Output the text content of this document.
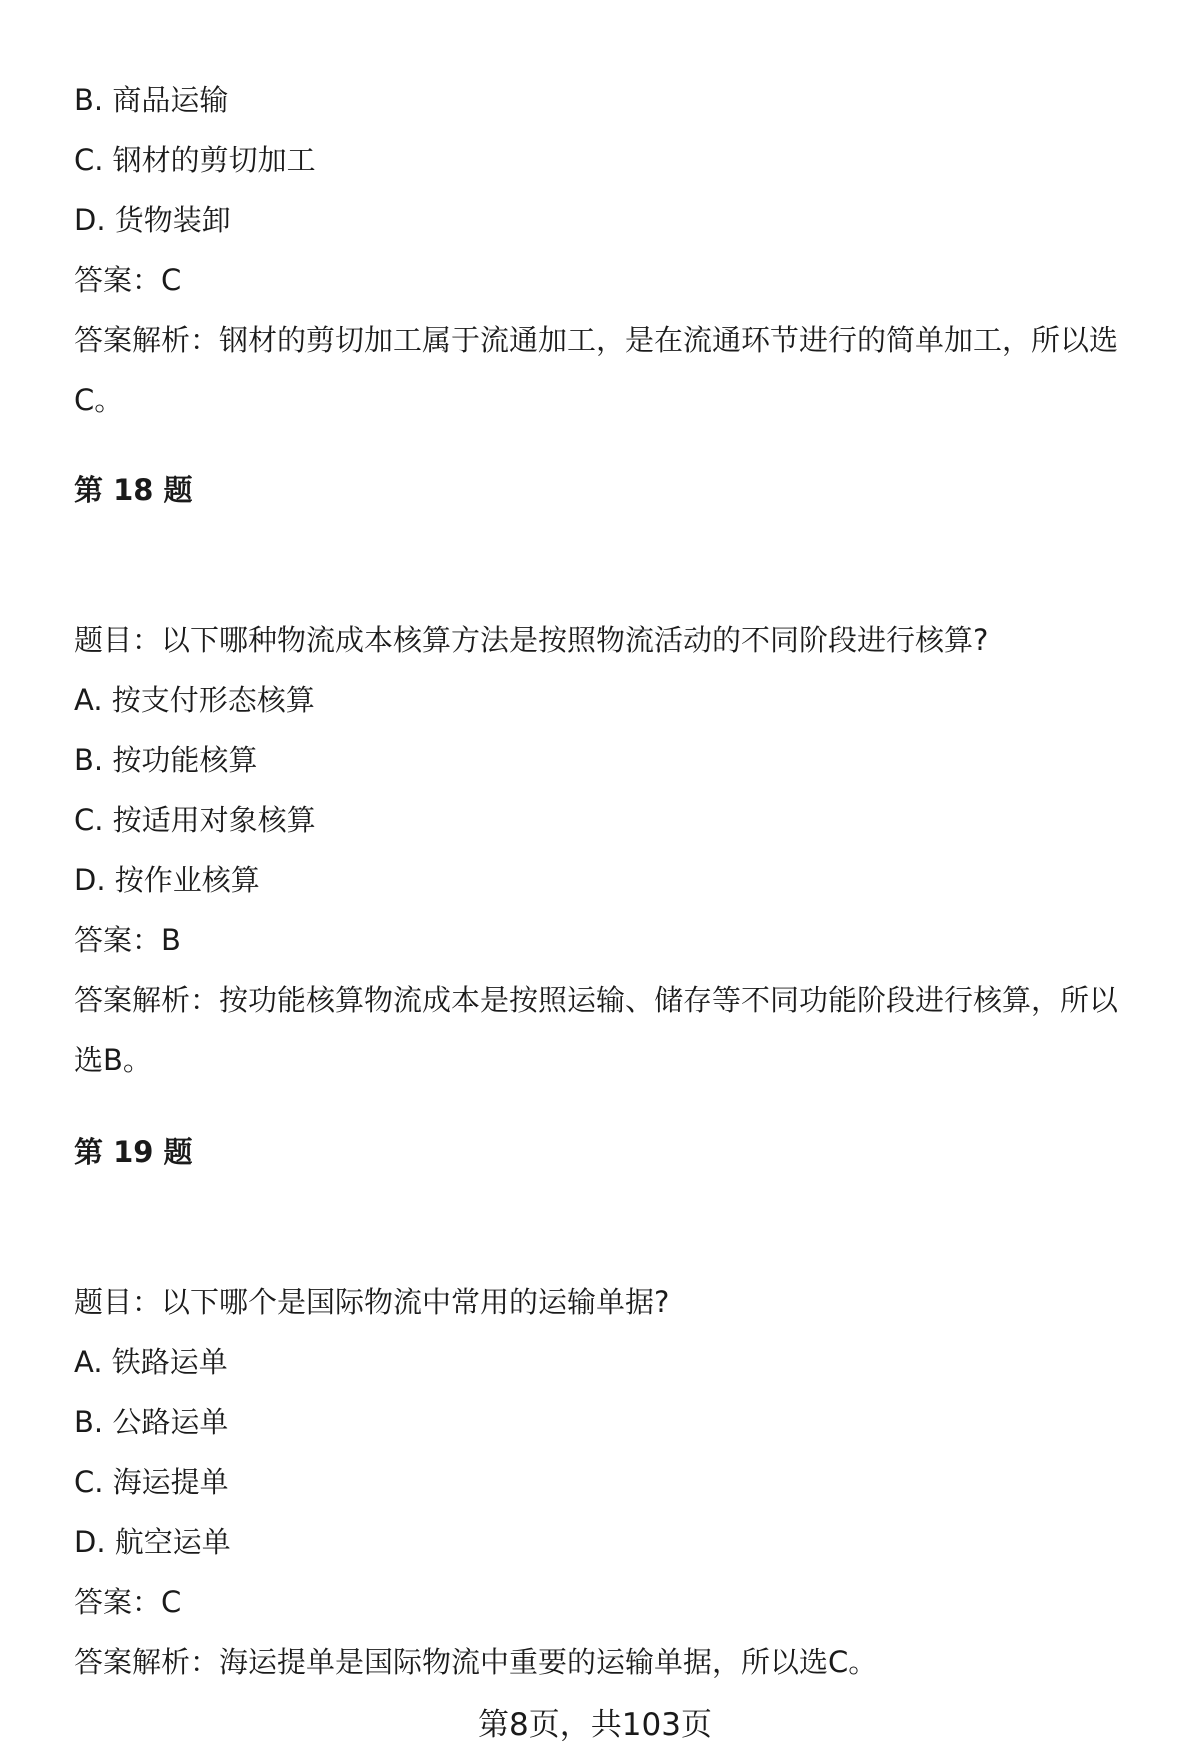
B. 商品运输
C. 钢材的剪切加工
D. 货物装卸
答案：C
答案解析：钢材的剪切加工属于流通加工，是在流通环节进行的简单加工，所以选
C。
第 18 题
题目：以下哪种物流成本核算方法是按照物流活动的不同阶段进行核算?
A. 按支付形态核算
B. 按功能核算
C. 按适用对象核算
D. 按作业核算
答案：B
答案解析：按功能核算物流成本是按照运输、储存等不同功能阶段进行核算，所以
选B。
第 19 题
题目：以下哪个是国际物流中常用的运输单据?
A. 铁路运单
B. 公路运单
C. 海运提单
D. 航空运单
答案：C
答案解析：海运提单是国际物流中重要的运输单据，所以选C。
第8页，共103页
